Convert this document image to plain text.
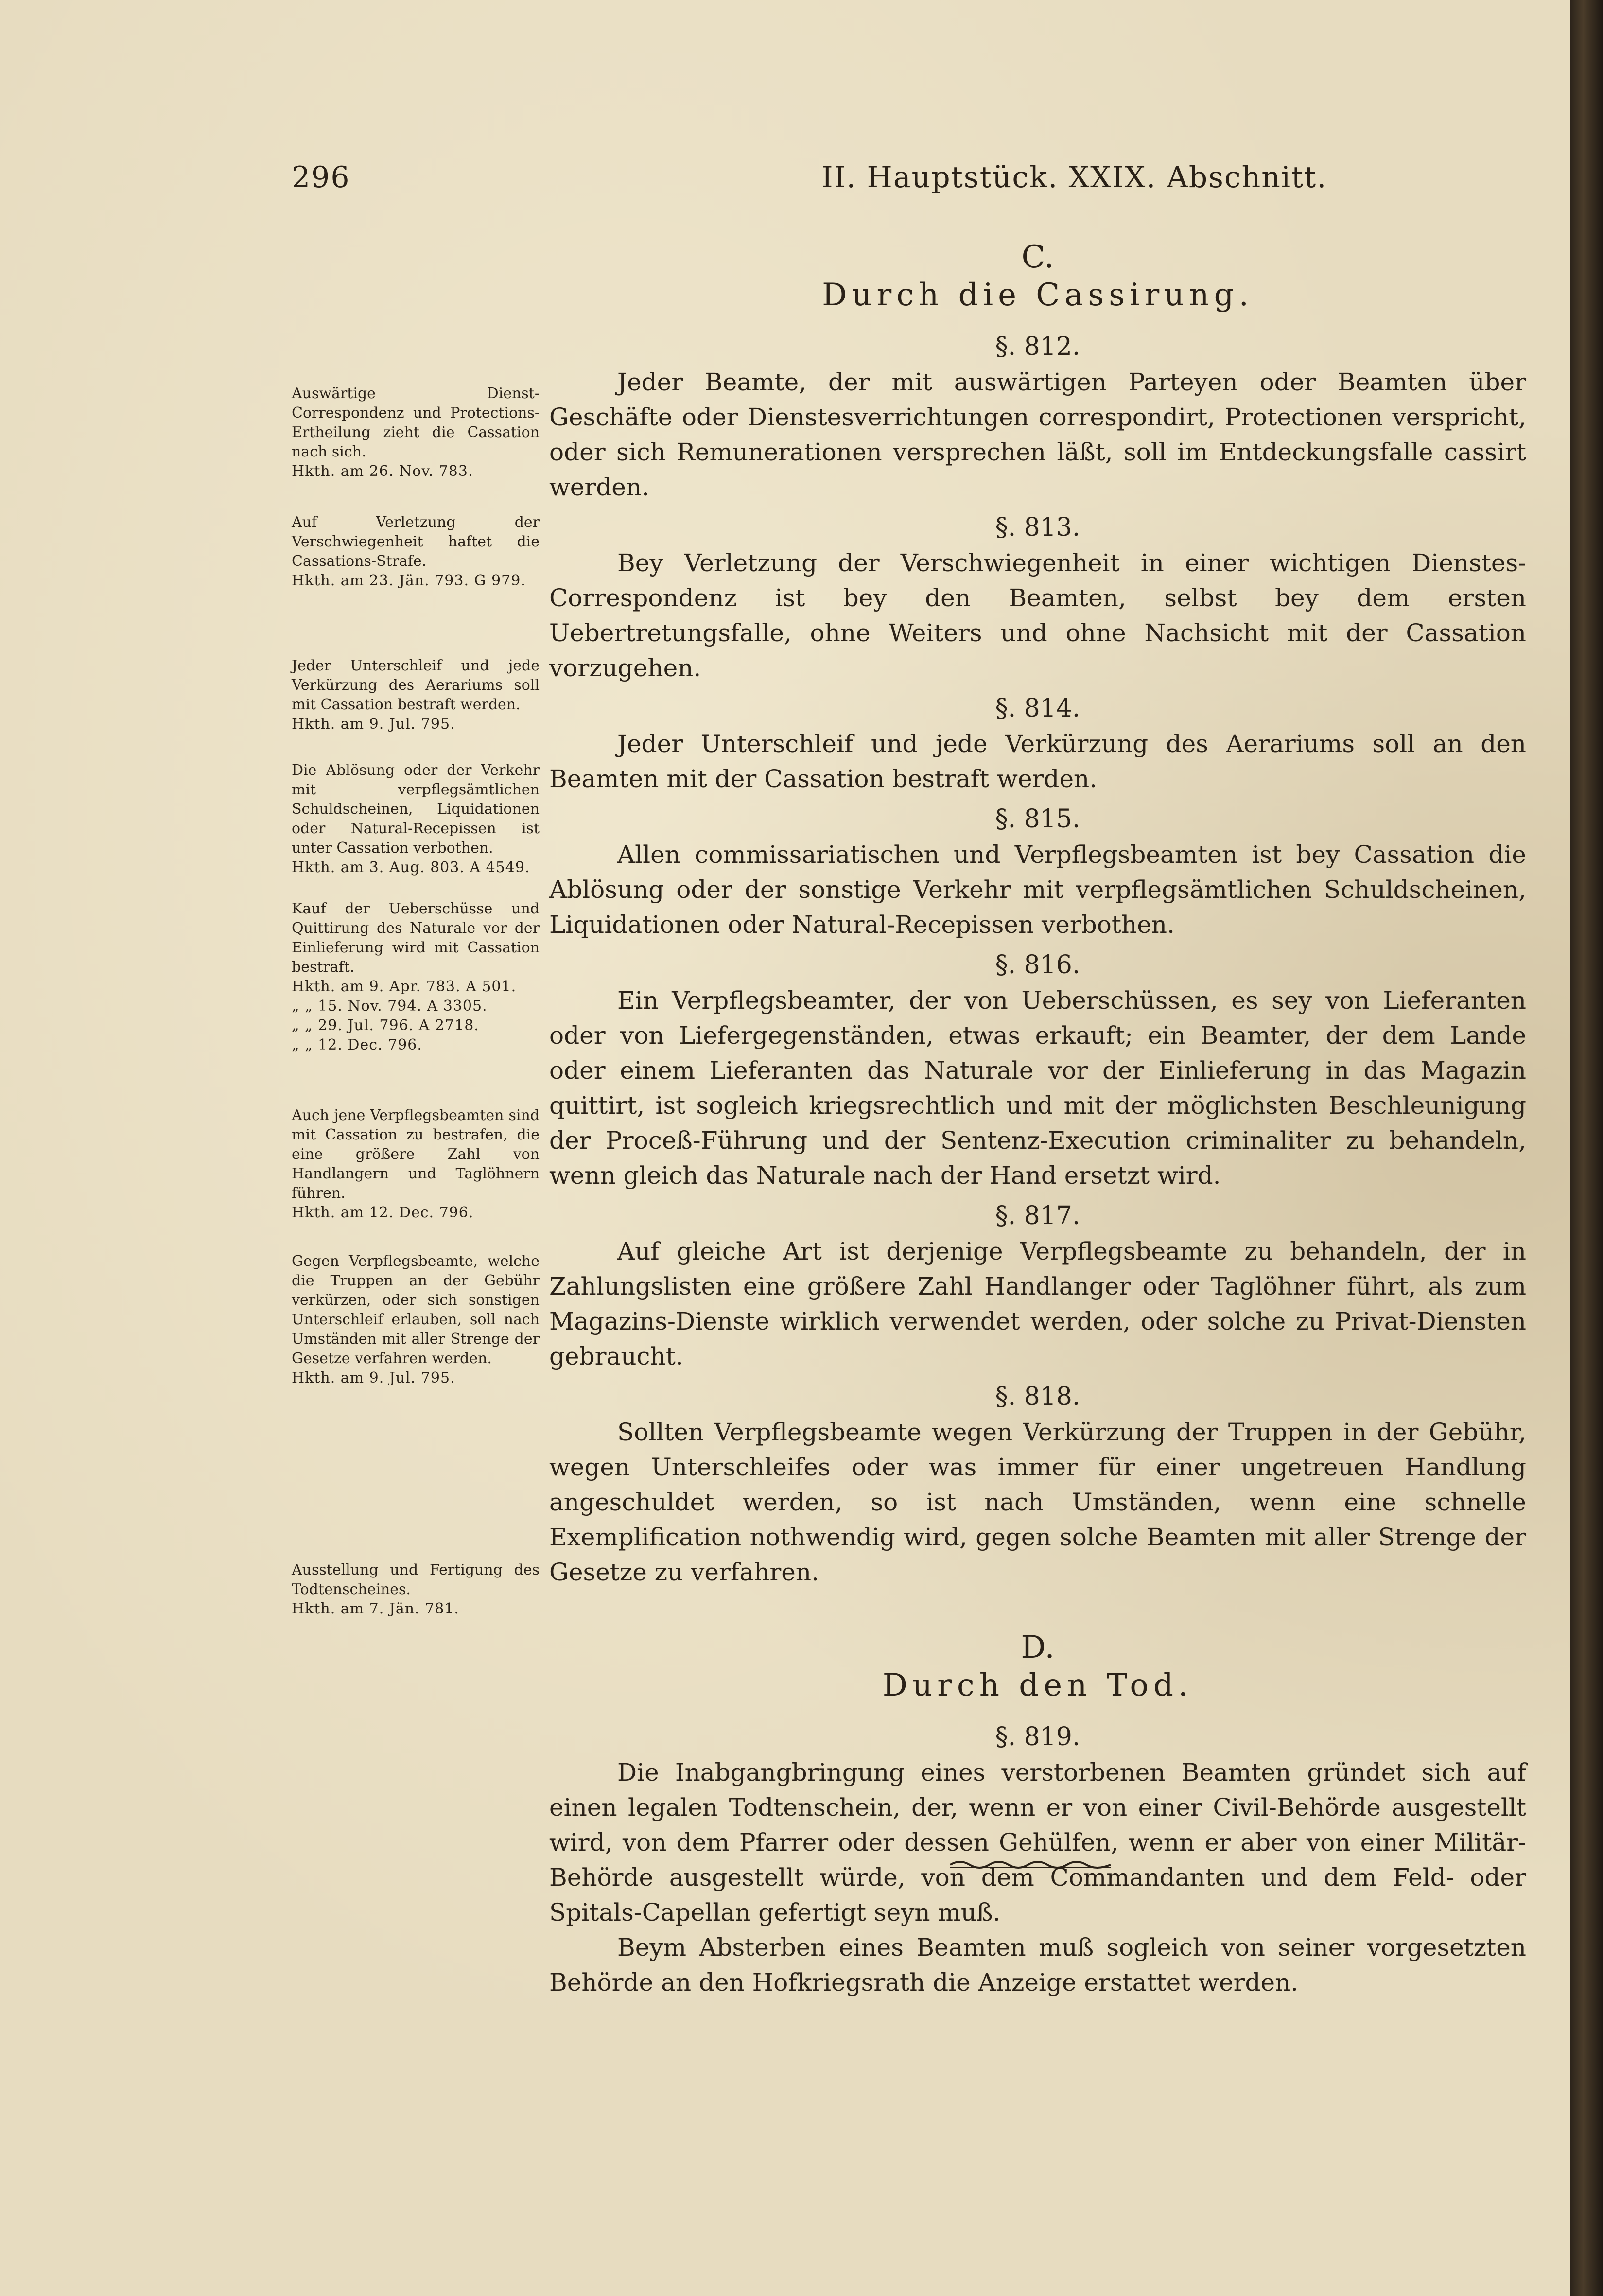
296	II. Hauptstück. XXIX. Abschnitt.
Auswärtige Dienst-Correspondenz und Protections-Ertheilung zieht die Cassation nach sich.
Hkth. am 26. Nov. 783.
Auf Verletzung der Verschwiegenheit haftet die Cassations-Strafe.
Hkth. am 23. Jän. 793. G 979.
Jeder Unterschleif und jede Verkürzung des Aerariums soll mit Cassation bestraft werden.
Hkth. am 9. Jul. 795.
Die Ablösung oder der Verkehr mit verpflegsämtlichen Schuldscheinen, Liquidationen oder Natural-Recepissen ist unter Cassation verbothen.
Hkth. am 3. Aug. 803. A 4549.
Kauf der Ueberschüsse und Quittirung des Naturale vor der Einlieferung wird mit Cassation bestraft.
Hkth. am 9. Apr. 783. A 501.
„ „ 15. Nov. 794. A 3305.
„ „ 29. Jul. 796. A 2718.
„ „ 12. Dec. 796.
Auch jene Verpflegsbeamten sind mit Cassation zu bestrafen, die eine größere Zahl von Handlangern und Taglöhnern führen.
Hkth. am 12. Dec. 796.
Gegen Verpflegsbeamte, welche die Truppen an der Gebühr verkürzen, oder sich sonstigen Unterschleif erlauben, soll nach Umständen mit aller Strenge der Gesetze verfahren werden.
Hkth. am 9. Jul. 795.
Ausstellung und Fertigung des Todtenscheines.
Hkth. am 7. Jän. 781.
C.
Durch die Cassirung.
§. 812.

Jeder Beamte, der mit auswärtigen Parteyen oder Beamten über Geschäfte oder Dienstesverrichtungen correspondirt, Protectionen verspricht, oder sich Remunerationen versprechen läßt, soll im Entdeckungsfalle cassirt werden.

§. 813.

Bey Verletzung der Verschwiegenheit in einer wichtigen Dienstes-Correspondenz ist bey den Beamten, selbst bey dem ersten Uebertretungsfalle, ohne Weiters und ohne Nachsicht mit der Cassation vorzugehen.

§. 814.

Jeder Unterschleif und jede Verkürzung des Aerariums soll an den Beamten mit der Cassation bestraft werden.

§. 815.

Allen commissariatischen und Verpflegsbeamten ist bey Cassation die Ablösung oder der sonstige Verkehr mit verpflegsämtlichen Schuldscheinen, Liquidationen oder Natural-Recepissen verbothen.

§. 816.

Ein Verpflegsbeamter, der von Ueberschüssen, es sey von Lieferanten oder von Liefergegenständen, etwas erkauft; ein Beamter, der dem Lande oder einem Lieferanten das Naturale vor der Einlieferung in das Magazin quittirt, ist sogleich kriegsrechtlich und mit der möglichsten Beschleunigung der Proceß-Führung und der Sentenz-Execution criminaliter zu behandeln, wenn gleich das Naturale nach der Hand ersetzt wird.

§. 817.

Auf gleiche Art ist derjenige Verpflegsbeamte zu behandeln, der in Zahlungslisten eine größere Zahl Handlanger oder Taglöhner führt, als zum Magazins-Dienste wirklich verwendet werden, oder solche zu Privat-Diensten gebraucht.

§. 818.

Sollten Verpflegsbeamte wegen Verkürzung der Truppen in der Gebühr, wegen Unterschleifes oder was immer für einer ungetreuen Handlung angeschuldet werden, so ist nach Umständen, wenn eine schnelle Exemplification nothwendig wird, gegen solche Beamten mit aller Strenge der Gesetze zu verfahren.

D.
Durch den Tod.
§. 819.

Die Inabgangbringung eines verstorbenen Beamten gründet sich auf einen legalen Todtenschein, der, wenn er von einer Civil-Behörde ausgestellt wird, von dem Pfarrer oder dessen Gehülfen, wenn er aber von einer Militär-Behörde ausgestellt würde, von dem Commandanten und dem Feld- oder Spitals-Capellan gefertigt seyn muß.

Beym Absterben eines Beamten muß sogleich von seiner vorgesetzten Behörde an den Hofkriegsrath die Anzeige erstattet werden.
